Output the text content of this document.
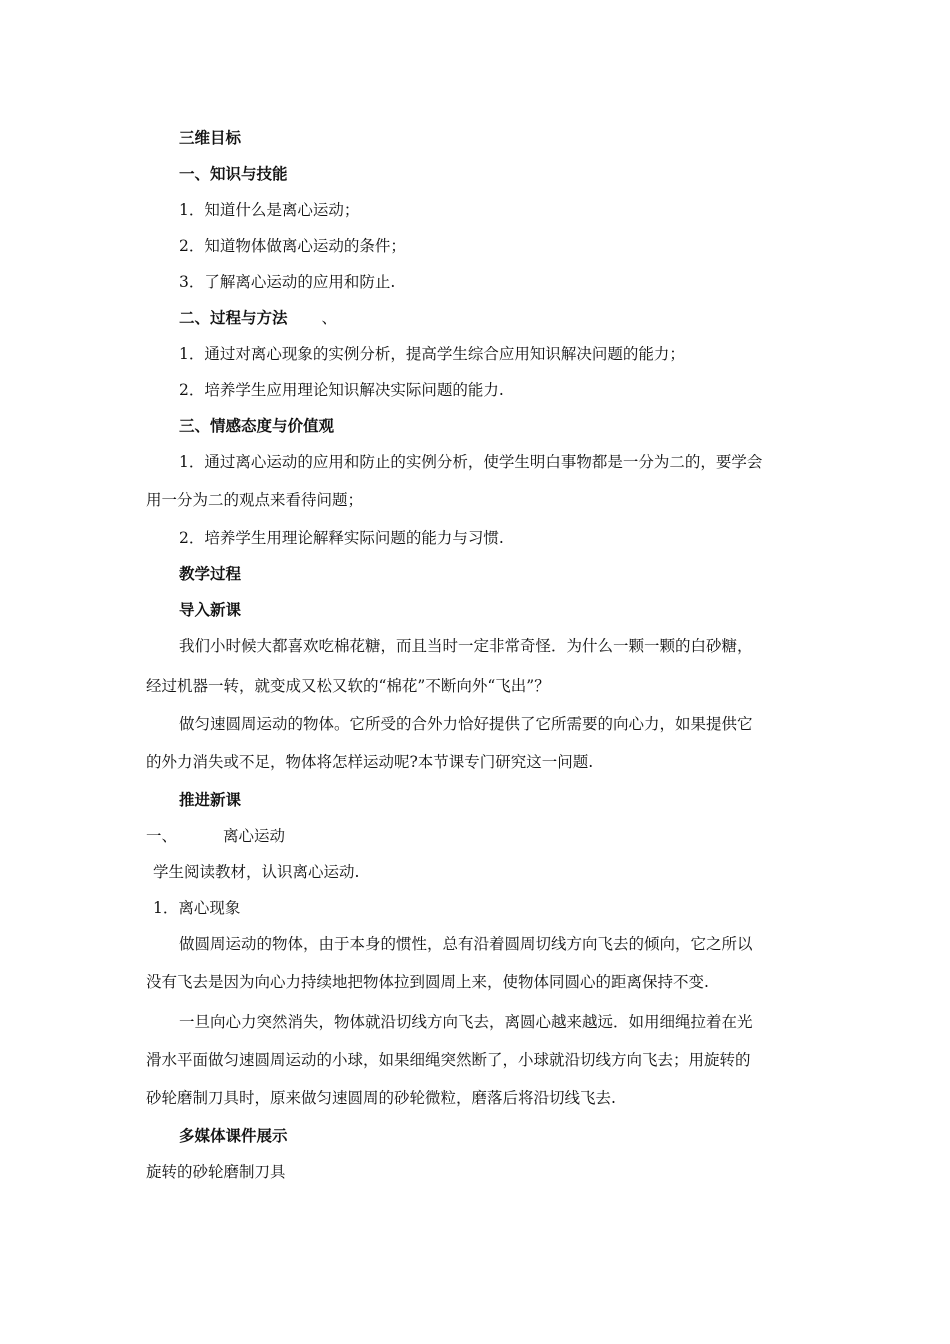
三维目标
一、知识与技能
1．知道什么是离心运动；
2．知道物体做离心运动的条件；
3．了解离心运动的应用和防止.
二、过程与方法 、
1．通过对离心现象的实例分析，提高学生综合应用知识解决问题的能力；
2．培养学生应用理论知识解决实际问题的能力.
三、情感态度与价值观
1．通过离心运动的应用和防止的实例分析，使学生明白事物都是一分为二的，要学会
用一分为二的观点来看待问题；
2．培养学生用理论解释实际问题的能力与习惯.
教学过程
导入新课
我们小时候大都喜欢吃棉花糖，而且当时一定非常奇怪．为什么一颗一颗的白砂糖，
经过机器一转，就变成又松又软的“棉花”不断向外“飞出”？
做匀速圆周运动的物体。它所受的合外力恰好提供了它所需要的向心力，如果提供它
的外力消失或不足，物体将怎样运动呢?本节课专门研究这一问题.
推进新课
一、	离心运动
学生阅读教材，认识离心运动.
1．离心现象
做圆周运动的物体，由于本身的惯性，总有沿着圆周切线方向飞去的倾向，它之所以
没有飞去是因为向心力持续地把物体拉到圆周上来，使物体同圆心的距离保持不变.
一旦向心力突然消失，物体就沿切线方向飞去，离圆心越来越远．如用细绳拉着在光
滑水平面做匀速圆周运动的小球，如果细绳突然断了，小球就沿切线方向飞去；用旋转的
砂轮磨制刀具时，原来做匀速圆周的砂轮微粒，磨落后将沿切线飞去.
多媒体课件展示
旋转的砂轮磨制刀具
